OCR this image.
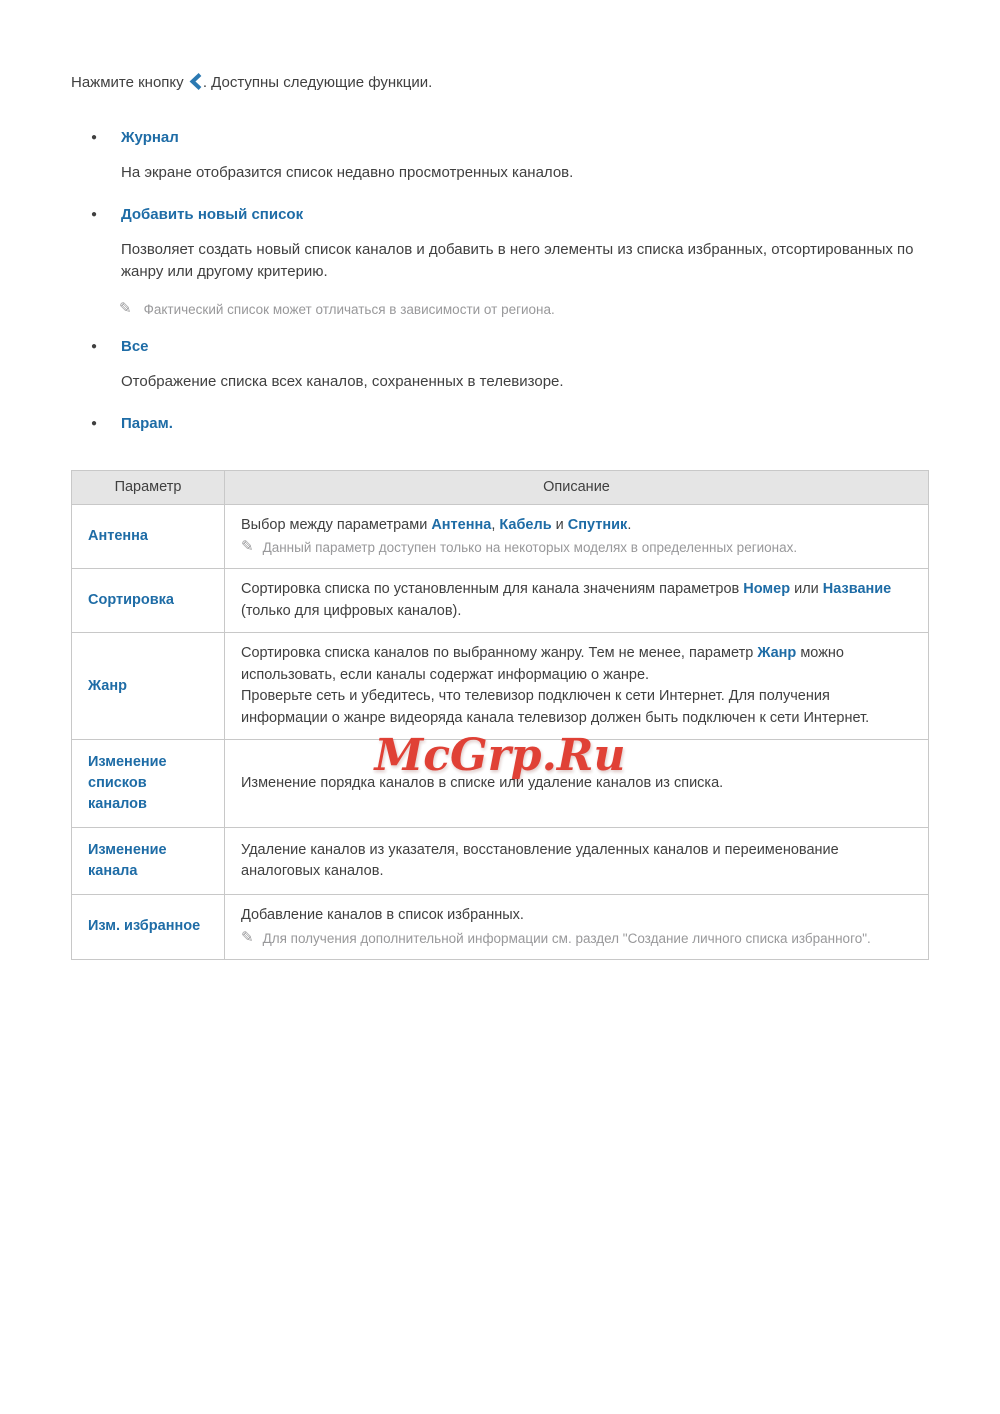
Нажмите кнопку . Доступны следующие функции.

● Журнал

На экране отобразится список недавно просмотренных каналов.

● Добавить новый список

Позволяет создать новый список каналов и добавить в него элементы из списка избранных, отсортированных по жанру или другому критерию.

✎ Фактический список может отличаться в зависимости от региона.
● Все

Отображение списка всех каналов, сохраненных в телевизоре.

● Парам.
Параметр	Описание
Антенна	Выбор между параметрами Антенна, Кабель и Спутник.

✎ Данный параметр доступен только на некоторых моделях в определенных регионах.

Сортировка	Сортировка списка по установленным для канала значениям параметров Номер или Название (только для цифровых каналов).

Жанр	Сортировка списка каналов по выбранному жанру. Тем не менее, параметр Жанр можно использовать, если каналы содержат информацию о жанре.

Проверьте сеть и убедитесь, что телевизор подключен к сети Интернет. Для получения информации о жанре видеоряда канала телевизор должен быть подключен к сети Интернет.

Изменение списков каналов	Изменение порядка каналов в списке или удаление каналов из списка.

Изменение канала	Удаление каналов из указателя, восстановление удаленных каналов и переименование аналоговых каналов.

Изм. избранное	Добавление каналов в список избранных.

✎ Для получения дополнительной информации см. раздел "Создание личного списка избранного".
McGrp.Ru
